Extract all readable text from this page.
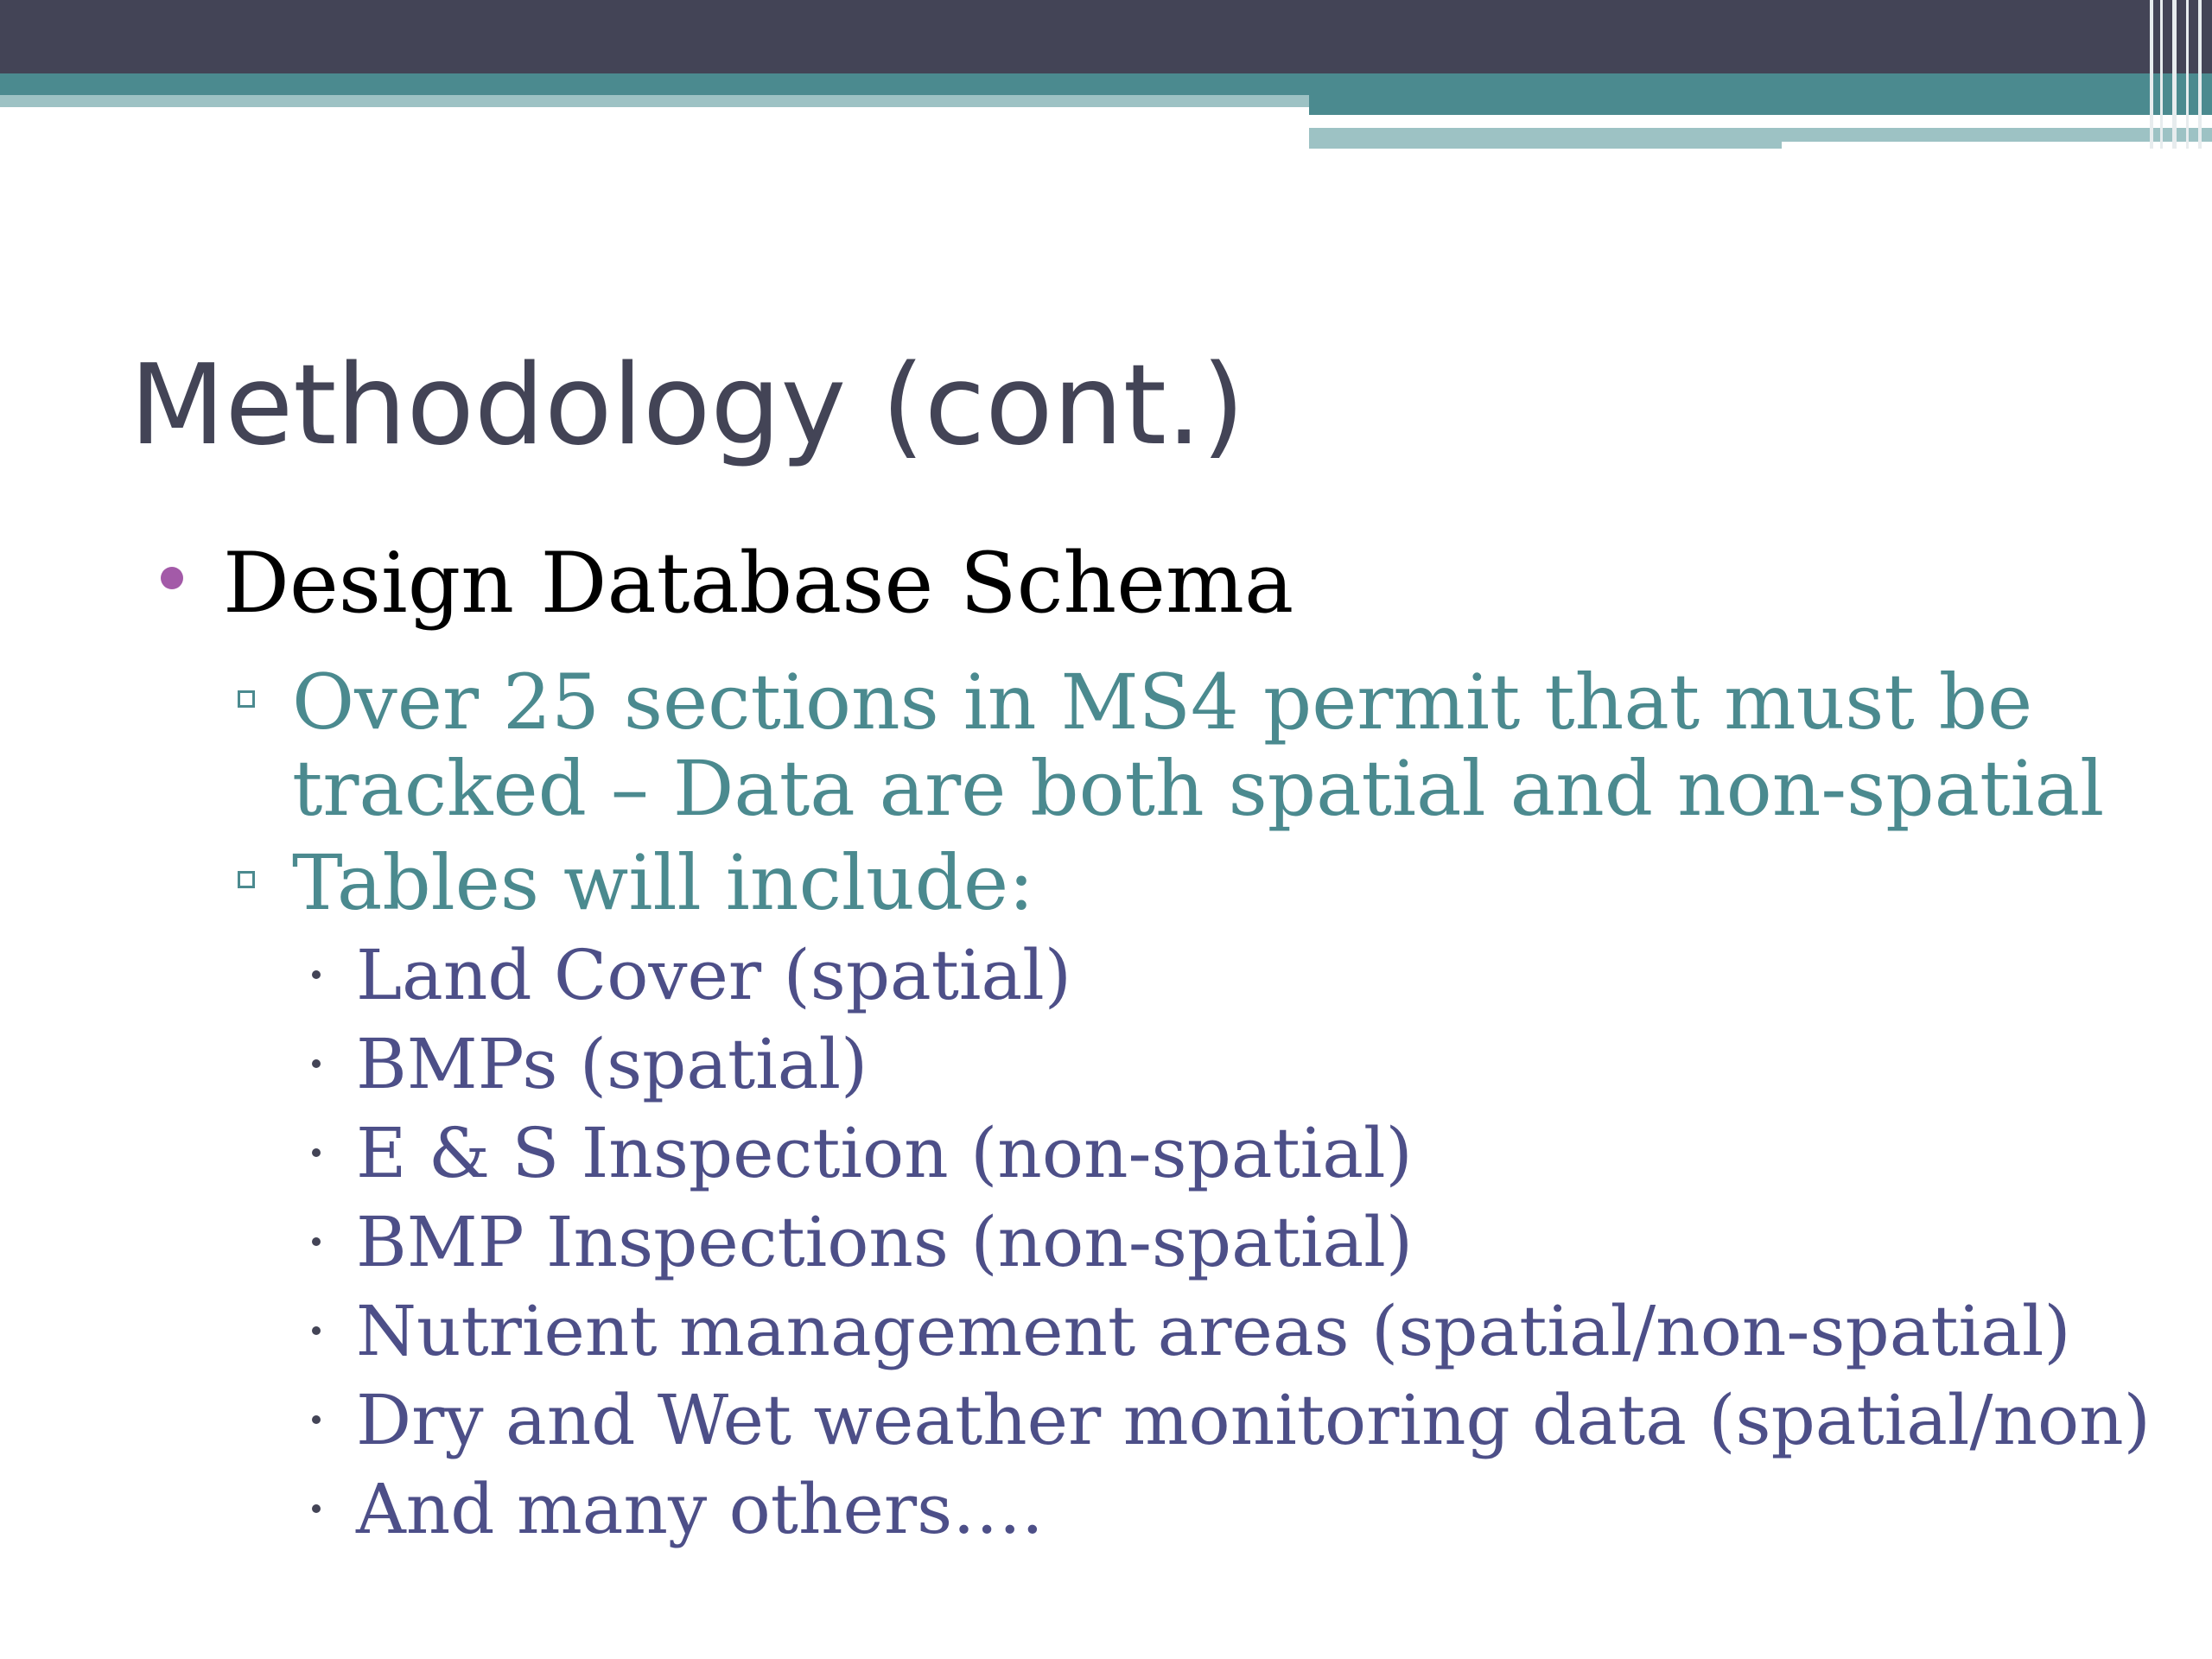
Methodology (cont.)
Design Database Schema
Over 25 sections in MS4 permit that must be
tracked – Data are both spatial and non-spatial
Tables will include:
Land Cover (spatial)
BMPs (spatial)
E & S Inspection (non-spatial)
BMP Inspections (non-spatial)
Nutrient management areas (spatial/non-spatial)
Dry and Wet weather monitoring data (spatial/non)
And many others….
